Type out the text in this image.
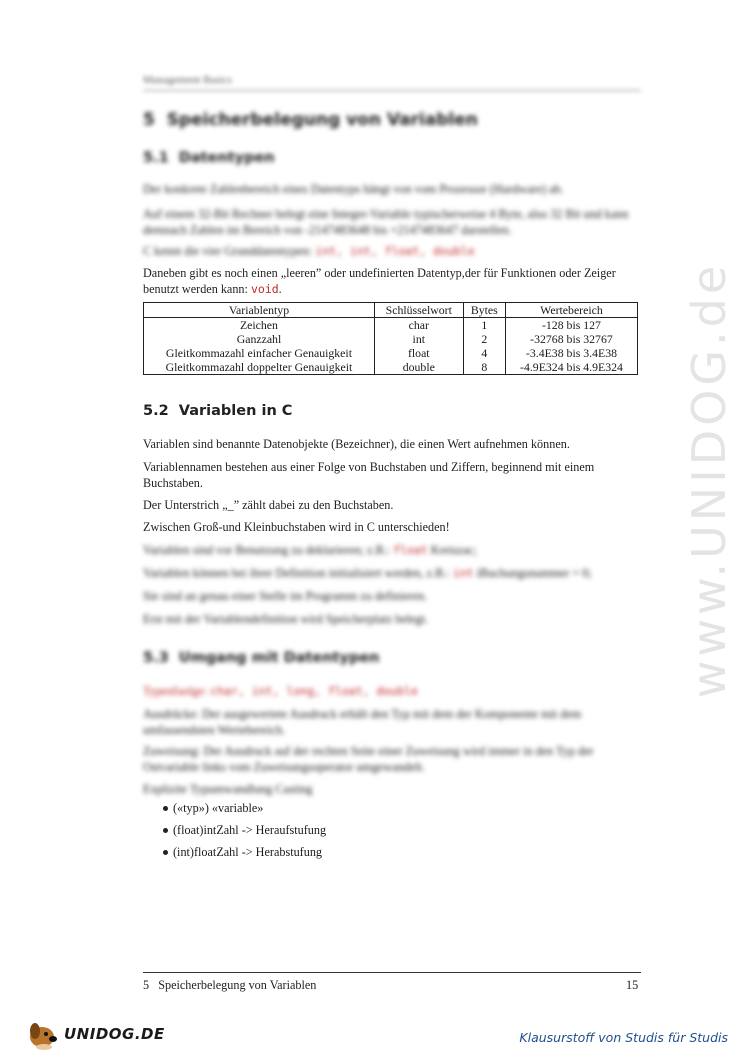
Management Basics
5 Speicherbelegung von Variablen
5.1 Datentypen
Der konkrete Zahlenbereich eines Datentyps hängt von vom Prozessor (Hardware) ab.
Auf einem 32-Bit Rechner belegt eine Integer-Variable typischerweise 4 Byte, also 32 Bit und kann demnach Zahlen im Bereich von -2147483648 bis +2147483647 darstellen.
C kennt die vier Grunddatentypen: int, int, float, double
Daneben gibt es noch einen „leeren” oder undefinierten Datentyp,der für Funktionen oder Zeiger benutzt werden kann: void.
Variablentyp	Schlüsselwort	Bytes	Wertebereich
Zeichen	char	1	-128 bis 127
Ganzzahl	int	2	-32768 bis 32767
Gleitkommazahl einfacher Genauigkeit	float	4	-3.4E38 bis 3.4E38
Gleitkommazahl doppelter Genauigkeit	double	8	-4.9E324 bis 4.9E324
5.2 Variablen in C
Variablen sind benannte Datenobjekte (Bezeichner), die einen Wert aufnehmen können.
Variablennamen bestehen aus einer Folge von Buchstaben und Ziffern, beginnend mit einem Buchstaben.
Der Unterstrich „_” zählt dabei zu den Buchstaben.
Zwischen Groß-und Kleinbuchstaben wird in C unterschieden!
Variablen sind vor Benutzung zu deklarieren; z.B.: float Kreiszac;
Variablen können bei ihrer Definition initialisiert werden, z.B.: int iBuchungsnummer = 0;
Sie sind an genau einer Stelle im Programm zu definieren.
Erst mit der Variablendefinition wird Speicherplatz belegt.
5.3 Umgang mit Datentypen
Typenfaolge: char, int, long, float, double
Ausdrücke: Der ausgewertete Ausdruck erhält den Typ mit dem der Komponente mit dem umfassendsten Wertebereich.
Zuweisung: Der Ausdruck auf der rechten Seite einer Zuweisung wird immer in den Typ der Ostvariable links vom Zuweisungsoperator umgewandelt.
Explizite Typumwandlung Casting
(«typ») «variable»
(float)intZahl -> Heraufstufung
(int)floatZahl -> Herabstufung
5   Speicherbelegung von Variablen	15
www.UNIDOG.de
UNIDOG.DE	Klausurstoff von Studis für Studis
